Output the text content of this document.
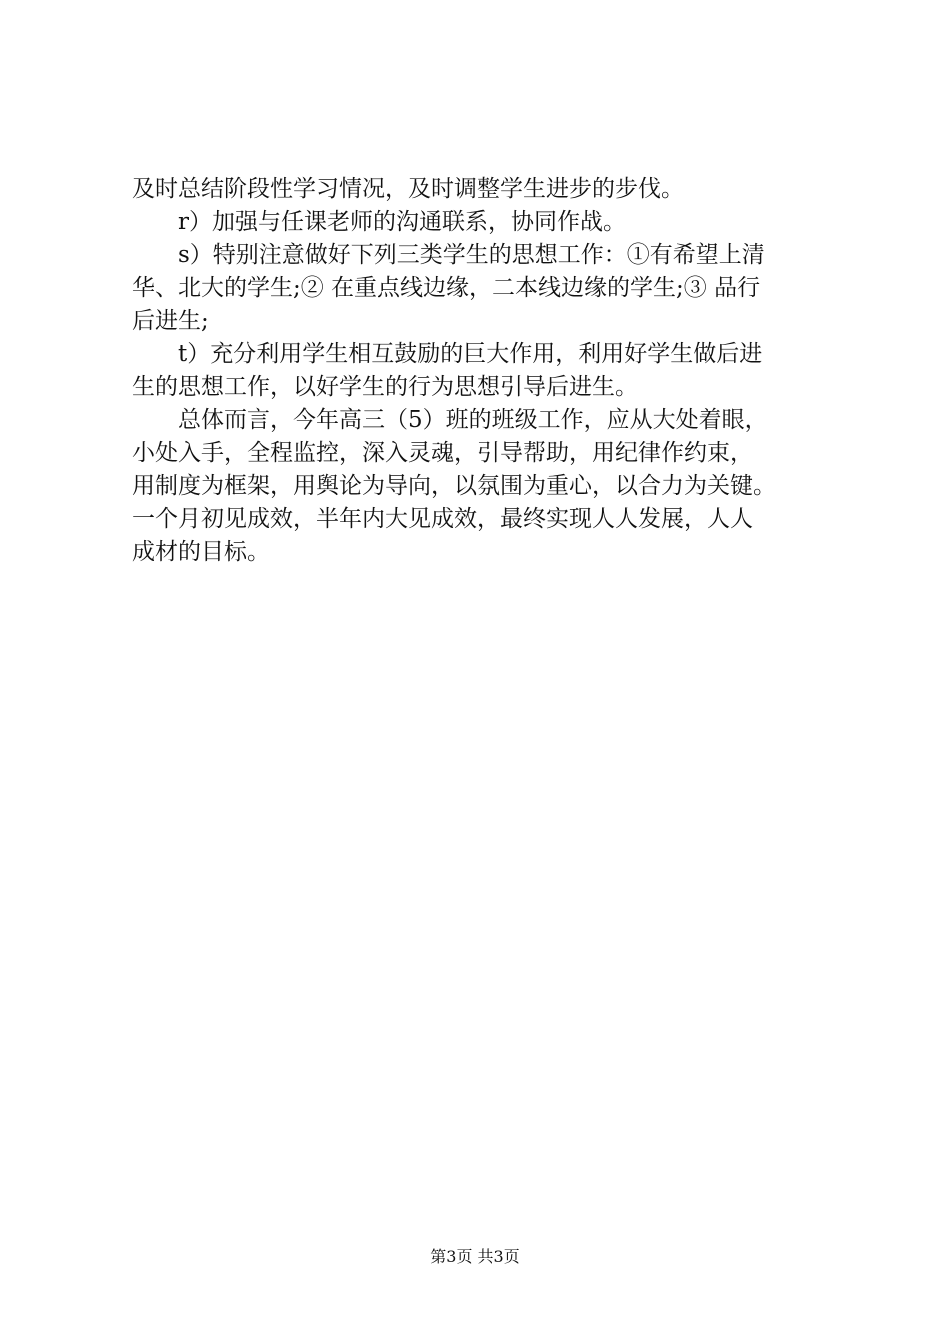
及时总结阶段性学习情况，及时调整学生进步的步伐。
r）加强与任课老师的沟通联系，协同作战。
s）特别注意做好下列三类学生的思想工作：①有希望上清
华、北大的学生;② 在重点线边缘，二本线边缘的学生;③ 品行
后进生;
t）充分利用学生相互鼓励的巨大作用，利用好学生做后进
生的思想工作，以好学生的行为思想引导后进生。
总体而言，今年高三（5）班的班级工作，应从大处着眼，
小处入手，全程监控，深入灵魂，引导帮助，用纪律作约束，
用制度为框架，用舆论为导向，以氛围为重心，以合力为关键。
一个月初见成效，半年内大见成效，最终实现人人发展，人人
成材的目标。
第3页 共3页
